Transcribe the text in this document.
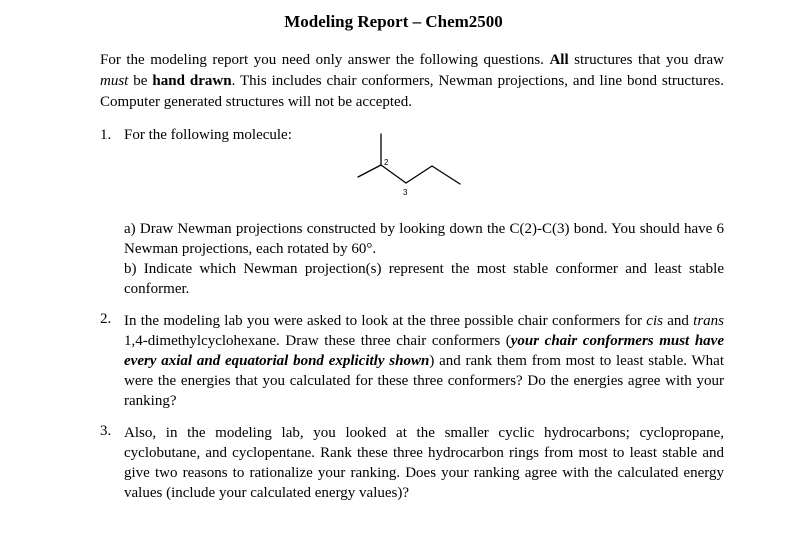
Modeling Report – Chem2500
For the modeling report you need only answer the following questions. All structures that you draw must be hand drawn. This includes chair conformers, Newman projections, and line bond structures. Computer generated structures will not be accepted.
1. For the following molecule:
2
3
a) Draw Newman projections constructed by looking down the C(2)-C(3) bond. You should have 6 Newman projections, each rotated by 60°.
b) Indicate which Newman projection(s) represent the most stable conformer and least stable conformer.
2. In the modeling lab you were asked to look at the three possible chair conformers for cis and trans 1,4-dimethylcyclohexane. Draw these three chair conformers (your chair conformers must have every axial and equatorial bond explicitly shown) and rank them from most to least stable. What were the energies that you calculated for these three conformers? Do the energies agree with your ranking?
3. Also, in the modeling lab, you looked at the smaller cyclic hydrocarbons; cyclopropane, cyclobutane, and cyclopentane. Rank these three hydrocarbon rings from most to least stable and give two reasons to rationalize your ranking. Does your ranking agree with the calculated energy values (include your calculated energy values)?
